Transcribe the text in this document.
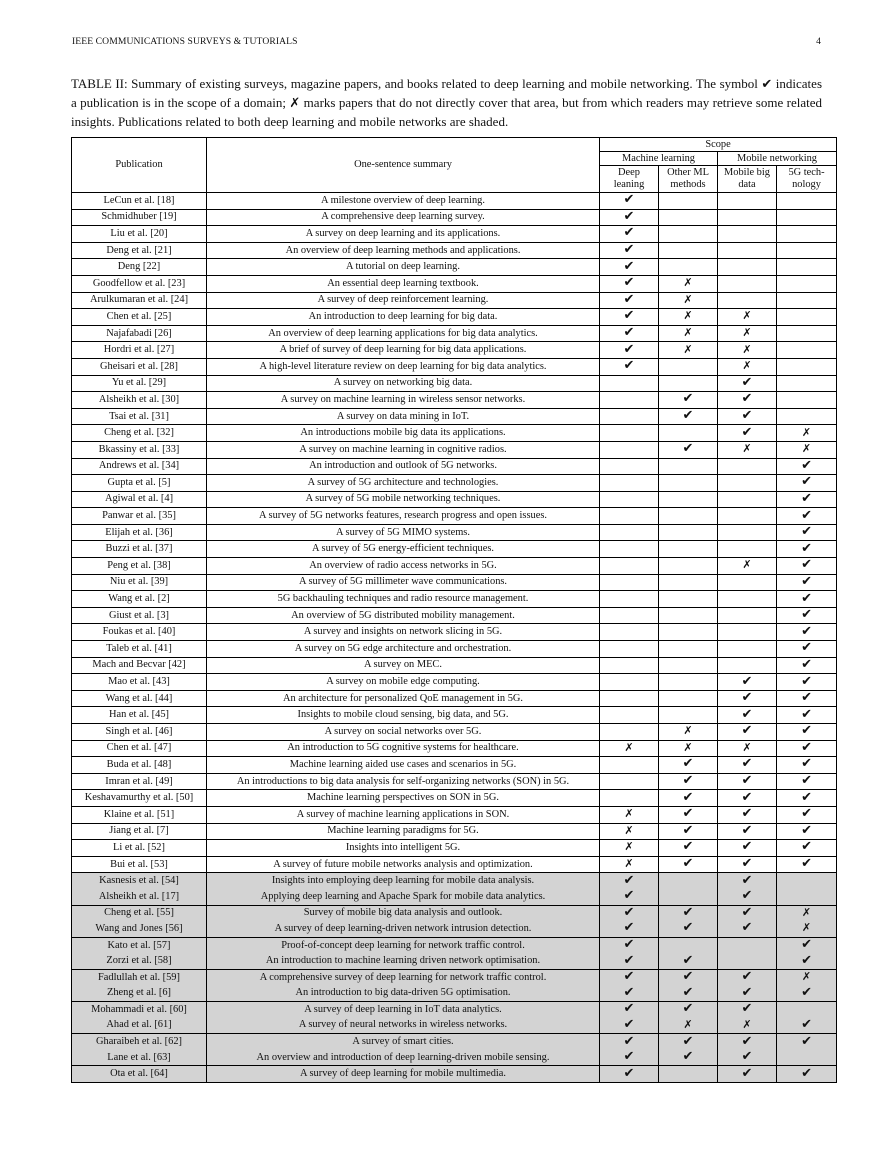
IEEE COMMUNICATIONS SURVEYS & TUTORIALS	4
TABLE II: Summary of existing surveys, magazine papers, and books related to deep learning and mobile networking. The symbol ✔ indicates a publication is in the scope of a domain; ✗ marks papers that do not directly cover that area, but from which readers may retrieve some related insights. Publications related to both deep learning and mobile networks are shaded.
Publication	One-sentence summary	Scope			
		Machine learning		Mobile networking	
		Deep leaning	Other ML methods	Mobile big data	5G tech- nology
LeCun et al. [18]	A milestone overview of deep learning.	✔			
Schmidhuber [19]	A comprehensive deep learning survey.	✔			
Liu et al. [20]	A survey on deep learning and its applications.	✔			
Deng et al. [21]	An overview of deep learning methods and applications.	✔			
Deng [22]	A tutorial on deep learning.	✔			
Goodfellow et al. [23]	An essential deep learning textbook.	✔	✗		
Arulkumaran et al. [24]	A survey of deep reinforcement learning.	✔	✗		
Chen et al. [25]	An introduction to deep learning for big data.	✔	✗	✗	
Najafabadi [26]	An overview of deep learning applications for big data analytics.	✔	✗	✗	
Hordri et al. [27]	A brief of survey of deep learning for big data applications.	✔	✗	✗	
Gheisari et al. [28]	A high-level literature review on deep learning for big data analytics.	✔		✗	
Yu et al. [29]	A survey on networking big data.			✔	
Alsheikh et al. [30]	A survey on machine learning in wireless sensor networks.		✔	✔	
Tsai et al. [31]	A survey on data mining in IoT.		✔	✔	
Cheng et al. [32]	An introductions mobile big data its applications.			✔	✗
Bkassiny et al. [33]	A survey on machine learning in cognitive radios.		✔	✗	✗
Andrews et al. [34]	An introduction and outlook of 5G networks.				✔
Gupta et al. [5]	A survey of 5G architecture and technologies.				✔
Agiwal et al. [4]	A survey of 5G mobile networking techniques.				✔
Panwar et al. [35]	A survey of 5G networks features, research progress and open issues.				✔
Elijah et al. [36]	A survey of 5G MIMO systems.				✔
Buzzi et al. [37]	A survey of 5G energy-efficient techniques.				✔
Peng et al. [38]	An overview of radio access networks in 5G.			✗	✔
Niu et al. [39]	A survey of 5G millimeter wave communications.				✔
Wang et al. [2]	5G backhauling techniques and radio resource management.				✔
Giust et al. [3]	An overview of 5G distributed mobility management.				✔
Foukas et al. [40]	A survey and insights on network slicing in 5G.				✔
Taleb et al. [41]	A survey on 5G edge architecture and orchestration.				✔
Mach and Becvar [42]	A survey on MEC.				✔
Mao et al. [43]	A survey on mobile edge computing.			✔	✔
Wang et al. [44]	An architecture for personalized QoE management in 5G.			✔	✔
Han et al. [45]	Insights to mobile cloud sensing, big data, and 5G.			✔	✔
Singh et al. [46]	A survey on social networks over 5G.		✗	✔	✔
Chen et al. [47]	An introduction to 5G cognitive systems for healthcare.	✗	✗	✗	✔
Buda et al. [48]	Machine learning aided use cases and scenarios in 5G.		✔	✔	✔
Imran et al. [49]	An introductions to big data analysis for self-organizing networks (SON) in 5G.		✔	✔	✔
Keshavamurthy et al. [50]	Machine learning perspectives on SON in 5G.		✔	✔	✔
Klaine et al. [51]	A survey of machine learning applications in SON.	✗	✔	✔	✔
Jiang et al. [7]	Machine learning paradigms for 5G.	✗	✔	✔	✔
Li et al. [52]	Insights into intelligent 5G.	✗	✔	✔	✔
Bui et al. [53]	A survey of future mobile networks analysis and optimization.	✗	✔	✔	✔
Kasnesis et al. [54]	Insights into employing deep learning for mobile data analysis.	✔		✔	
Alsheikh et al. [17]	Applying deep learning and Apache Spark for mobile data analytics.	✔		✔	
Cheng et al. [55]	Survey of mobile big data analysis and outlook.	✔	✔	✔	✗
Wang and Jones [56]	A survey of deep learning-driven network intrusion detection.	✔	✔	✔	✗
Kato et al. [57]	Proof-of-concept deep learning for network traffic control.	✔			✔
Zorzi et al. [58]	An introduction to machine learning driven network optimisation.	✔	✔		✔
Fadlullah et al. [59]	A comprehensive survey of deep learning for network traffic control.	✔	✔	✔	✗
Zheng et al. [6]	An introduction to big data-driven 5G optimisation.	✔	✔	✔	✔
Mohammadi et al. [60]	A survey of deep learning in IoT data analytics.	✔	✔	✔	
Ahad et al. [61]	A survey of neural networks in wireless networks.	✔	✗	✗	✔
Gharaibeh et al. [62]	A survey of smart cities.	✔	✔	✔	✔
Lane et al. [63]	An overview and introduction of deep learning-driven mobile sensing.	✔	✔	✔	
Ota et al. [64]	A survey of deep learning for mobile multimedia.	✔		✔	✔
